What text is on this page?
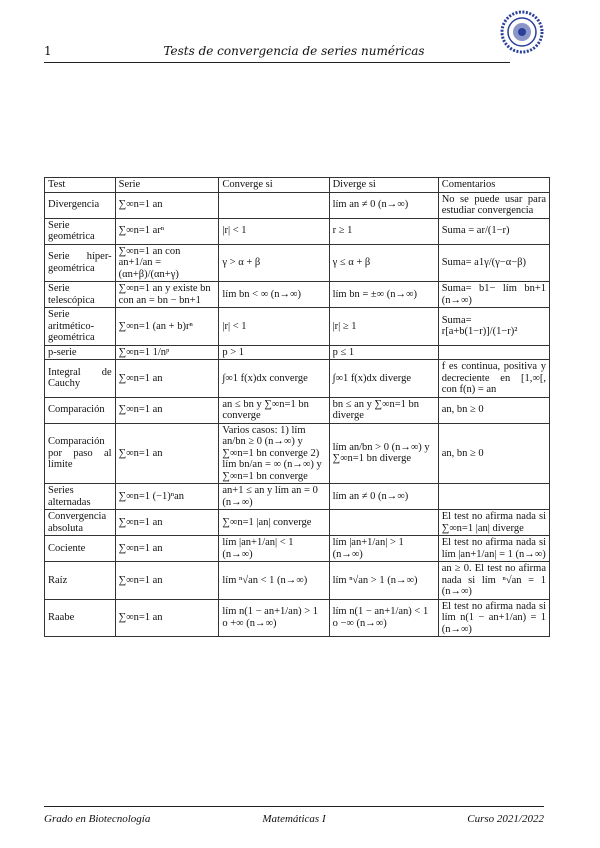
1	Tests de convergencia de series numéricas
Test	Serie	Converge si	Diverge si	Comentarios
Divergencia	∑∞n=1 an		lím an ≠ 0 (n→∞)	No se puede usar para estudiar convergencia
Serie geométrica	∑∞n=1 arⁿ	|r| < 1	r ≥ 1	Suma = ar/(1−r)
Serie híper-geométrica	∑∞n=1 an con an+1/an = (αn+β)/(αn+γ)	γ > α + β	γ ≤ α + β	Suma= a1γ/(γ−α−β)
Serie telescópica	∑∞n=1 an y existe bn con an = bn − bn+1	lím bn < ∞ (n→∞)	lím bn = ±∞ (n→∞)	Suma= b1− lím bn+1 (n→∞)
Serie aritmético-geométrica	∑∞n=1 (an + b)rⁿ	|r| < 1	|r| ≥ 1	Suma= r[a+b(1−r)]/(1−r)²
p-serie	∑∞n=1 1/nᵖ	p > 1	p ≤ 1	
Integral de Cauchy	∑∞n=1 an	∫∞1 f(x)dx converge	∫∞1 f(x)dx diverge	f es continua, positiva y decreciente en [1,∞[, con f(n) = an
Comparación	∑∞n=1 an	an ≤ bn y ∑∞n=1 bn converge	bn ≤ an y ∑∞n=1 bn diverge	an, bn ≥ 0
Comparación por paso al límite	∑∞n=1 an	Varios casos: 1) lím an/bn ≥ 0 (n→∞) y ∑∞n=1 bn converge 2) lím bn/an = ∞ (n→∞) y ∑∞n=1 bn converge	lím an/bn > 0 (n→∞) y ∑∞n=1 bn diverge	an, bn ≥ 0
Series alternadas	∑∞n=1 (−1)ⁿan	an+1 ≤ an y lím an = 0 (n→∞)	lím an ≠ 0 (n→∞)	
Convergencia absoluta	∑∞n=1 an	∑∞n=1 |an| converge		El test no afirma nada si ∑∞n=1 |an| diverge
Cociente	∑∞n=1 an	lím |an+1/an| < 1 (n→∞)	lím |an+1/an| > 1 (n→∞)	El test no afirma nada si lím |an+1/an| = 1 (n→∞)
Raíz	∑∞n=1 an	lím ⁿ√an < 1 (n→∞)	lím ⁿ√an > 1 (n→∞)	an ≥ 0. El test no afirma nada si lím ⁿ√an = 1 (n→∞)
Raabe	∑∞n=1 an	lím n(1 − an+1/an) > 1 o +∞ (n→∞)	lím n(1 − an+1/an) < 1 o −∞ (n→∞)	El test no afirma nada si lím n(1 − an+1/an) = 1 (n→∞)
Grado en Biotecnología	Matemáticas I	Curso 2021/2022
